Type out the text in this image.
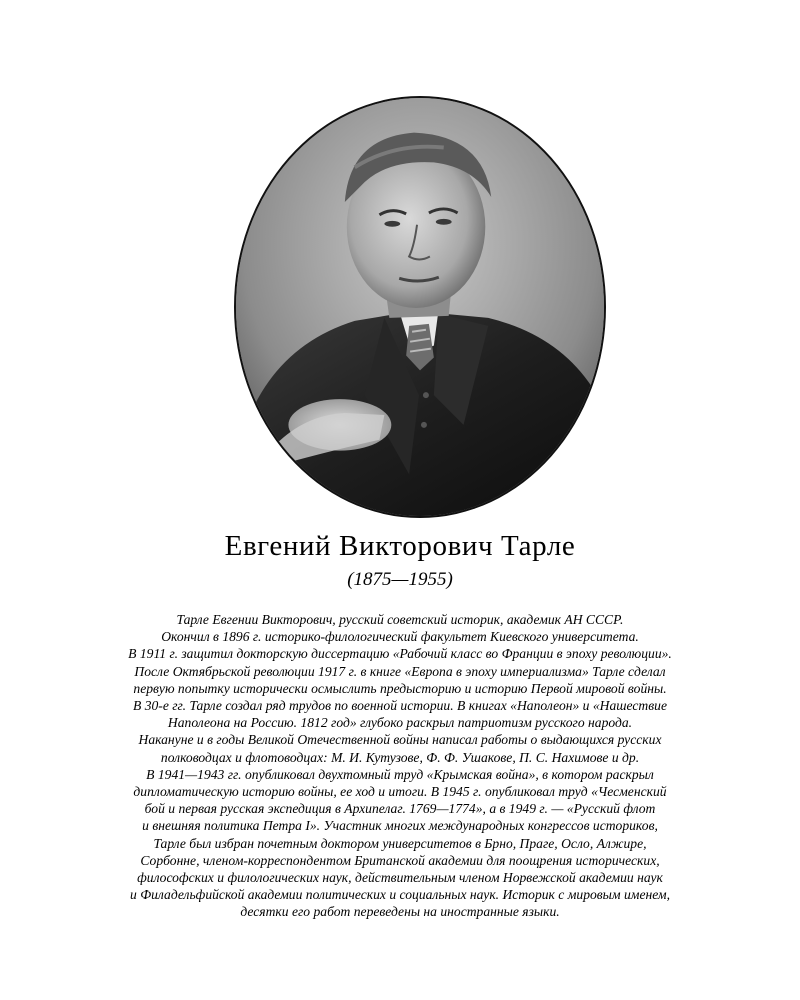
Евгений Викторович Тарле
(1875—1955)
Тарле Евгении Викторович, русский советский историк, академик АН СССР.
Окончил в 1896 г. историко-филологический факультет Киевского университета.
В 1911 г. защитил докторскую диссертацию «Рабочий класс во Франции в эпоху революции».
После Октябрьской революции 1917 г. в книге «Европа в эпоху империализма» Тарле сделал
первую попытку исторически осмыслить предысторию и историю Первой мировой войны.
В 30-е гг. Тарле создал ряд трудов по военной истории. В книгах «Наполеон» и «Нашествие
Наполеона на Россию. 1812 год» глубоко раскрыл патриотизм русского народа.
Накануне и в годы Великой Отечественной войны написал работы о выдающихся русских
полководцах и флотоводцах: М. И. Кутузове, Ф. Ф. Ушакове, П. С. Нахимове и др.
В 1941—1943 гг. опубликовал двухтомный труд «Крымская война», в котором раскрыл
дипломатическую историю войны, ее ход и итоги. В 1945 г. опубликовал труд «Чесменский
бой и первая русская экспедиция в Архипелаг. 1769—1774», а в 1949 г. — «Русский флот
и внешняя политика Петра I». Участник многих международных конгрессов историков,
Тарле был избран почетным доктором университетов в Брно, Праге, Осло, Алжире,
Сорбонне, членом-корреспондентом Британской академии для поощрения исторических,
философских и филологических наук, действительным членом Норвежской академии наук
и Филадельфийской академии политических и социальных наук. Историк с мировым именем,
десятки его работ переведены на иностранные языки.
